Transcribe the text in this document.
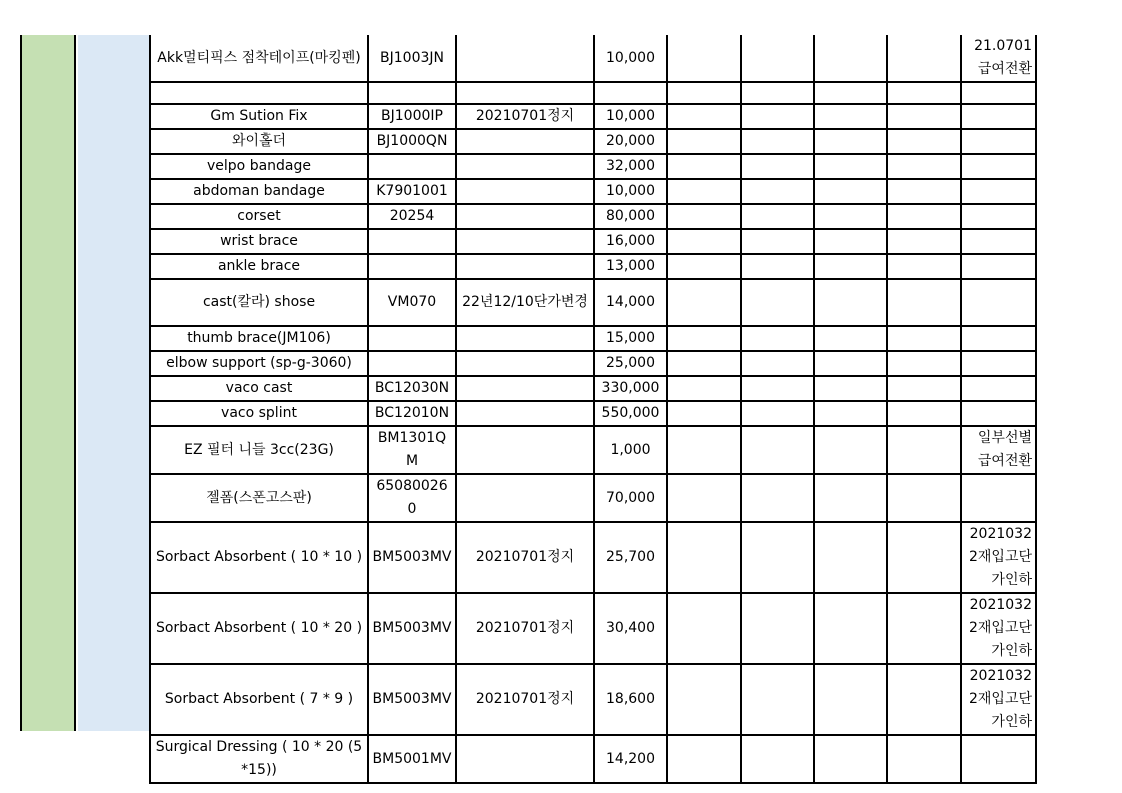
Akk멀티픽스 점착테이프(마킹펜)	BJ1003JN		10,000					21.0701 급여전환

Gm Sution Fix	BJ1000IP	20210701정지	10,000					
와이홀더	BJ1000QN		20,000					
velpo bandage			32,000					
abdoman bandage	K7901001		10,000					
corset	20254		80,000					
wrist brace			16,000					
ankle brace			13,000					
cast(칼라) shose	VM070	22년12/10단가변경	14,000					
thumb brace(JM106)			15,000					
elbow support (sp-g-3060)			25,000					
vaco cast	BC12030N		330,000					
vaco splint	BC12010N		550,000					
EZ 필터 니들 3cc(23G)	BM1301QM		1,000					일부선별 급여전환
젤폼(스폰고스판)	650800260		70,000					
Sorbact Absorbent ( 10 * 10 )	BM5003MV	20210701정지	25,700					20210322재입고단가인하
Sorbact Absorbent ( 10 * 20 )	BM5003MV	20210701정지	30,400					20210322재입고단가인하
Sorbact Absorbent ( 7 * 9 )	BM5003MV	20210701정지	18,600					20210322재입고단가인하
Surgical Dressing ( 10 * 20 (5*15))	BM5001MV		14,200					
